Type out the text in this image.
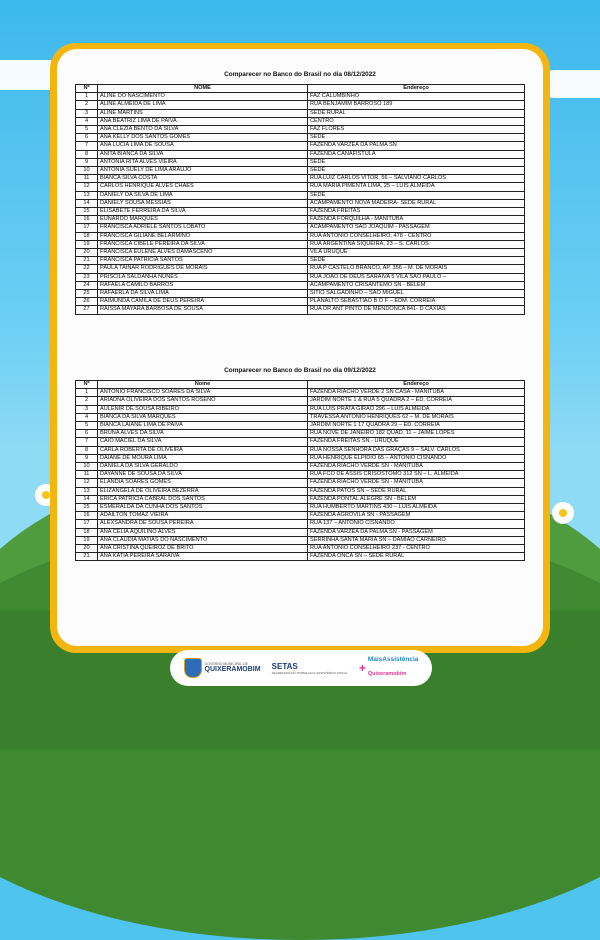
Comparecer no Banco do Brasil no dia 08/12/2022
Nº	NOME	Endereço
1	ALINE DO NASCIMENTO	FAZ CALUMBINHO
2	ALINE ALMEIDA DE LIMA	RUA BENJAMIM BARROSO 189
3	ALINE MARTINS	SEDE RURAL
4	ANA BEATRIZ LIMA DE PAIVA	CENTRO
5	ANA CLEZIA BENTO DA SILVA	FAZ FLORES
6	ANA KELLY DOS SANTOS GOMES	SEDE
7	ANA LUCIA LIMA DE SOUSA	FAZENDA VARZEA DA PALMA SN
8	ANITA BIANCA DA SILVA	FAZENDA CANAFISTULA
9	ANTONIA RITA ALVES VIEIRA	SEDE
10	ANTONIA SUELY DE LIMA ARAUJO	SEDE
11	BIANCA SILVA COSTA	RUA LUIZ CARLOS VITOR, 56 – SALVIANO CARLOS
12	CARLOS HENRIQUE ALVES CHAES	RUA MARIA PIMENTA LIMA, 25 – LUIS ALMEIDA
13	DANIELY DA SILVA DE LIMA	SEDE
14	DANIELY SOUSA MESSIAS	ACAMPAMENTO NOVA MADEIRA- SEDE RURAL
15	ELISABETE FERREIRA DA SILVA	FAZENDA FREITAS
16	EUNARDO MARQUES	FAZENDA FORQUILHA - MANITUBA
17	FRANCISCA ADRIELE SANTOS LOBATO	ACAMPAMENTO SAO JOAQUIM - PASSAGEM
18	FRANCISCA GILIANE BELARMINO	RUA ANTONIO CONSELHEIRO, 478 - CENTRO
19	FRANCISCA CIBELE PEREIRA DA SILVA	RUA ARGENTINA SIQUEIRA, 23 – S. CARLOS
20	FRANCISCA EULENE ALVES DAMASCENO	VILA URUQUE
21	FRANCISCA PATRICIA SANTOS	SEDE
22	PAULA TAINAR RODRIGUES DE MORAIS	RUA P CASTELO BRANCO, AP. 356 – M. DE MORAIS
23	PRISCILA SALDANHA NUNES	RUA JOAO DE DEUS SARAIVA 5 VILA SAO PAULO –
24	RAFAELA CAMILO BARROS	ACAMPAMENTO CRISANTEMO SN - BELEM
25	RAFAERLA DA SILVA LIMA	SITIO SALGADINHO – SAO MIGUEL
26	RAIMUNDA CAMILA DE DEUS PEREIRA	PLANALTO SEBASTIAO B O F – EDM. CORREIA
27	RAISSA MAYARA BARBOSA DE SOUSA	RUA DR ANT PINTO DE MENDONCA 841- D CAXIAS
Comparecer no Banco do Brasil no dia 09/12/2022
Nº	Nome	Endereço
1	ANTONIO FRANCISCO SOARES DA SILVA	FAZENDA RIACHO VERDE 2 SN CASA - MANITUBA
2	ARIADNA OLIVEIRA DOS SANTOS ROSENO	JARDIM NORTE 1 & RUA 5 QUADRA 2 – ED. CORREIA
3	AULENIR DE SOUSA RIBEIRO	RUA LUIS PRATA GIRAO 296 – LUIS ALMEIDA
4	BIANCA DA SILVA MARQUES	TRAVESSA ANTONIO HENRIQUES 62 – M. DE MORAIS
5	BIANCA LAIANE LIMA DE PAIVA	JARDIM NORTE 1 17 QUADRA 29 – ED. CORREIA
6	BRUNA ALVES DA SILVA	RUA NOVE DE JANEIRO 182 QUAD. 11 – JAIME LOPES
7	CAIO MACIEL DA SILVA	FAZENDA FREITAS SN - URUQUÊ
8	CARLA ROBERTA DE OLIVEIRA	RUA NOSSA SENHORA DAS GRAÇAS 9 – SALV. CARLOS
9	DAIANE DE MOURA LIMA	RUA HENRIQUE ELPIDIO 65 – ANTONIO CISNANDO
10	DANIELA DA SILVA GERALDO	FAZENDA RIACHO VERDE SN - MANITUBA
11	DAYANNE DE SOUSA DA SILVA	RUA FCO DE ASSIS CRISOSTOMO 312 SN – L. ALMEIDA
12	ELANDIA SOARES GOMES	FAZENDA RIACHO VERDE SN - MANITUBA
13	ELIZANGELA DE OLIVEIRA BEZERRA	FAZENDA PATOS SN – SEDE RURAL
14	ERICA PATRICIA CABRAL DOS SANTOS	FAZENDA PONTAL ALEGRE SN - BELEM
15	ESMERALDA DA CUNHA DOS SANTOS	RUA HUMBERTO MARTINS 430 – LUIS ALMEIDA
16	ADAILTON TOMAZ VIEIRA	FAZENDA AGROVILA SN - PASSAGEM
17	ALEXSANDRA DE SOUSA PEREIRA	RUA 137 – ANTONIO CISNANDO
18	ANA CELIA AQUILINO ALVES	FAZENDA VARZEA DA PALMA SN - PASSAGEM
19	ANA CLAUDIA MATIAS DO NASCIMENTO	SERRINHA SANTA MARIA SN – DAMIÃO CARNEIRO
20	ANA CRISTINA QUEIROZ DE BRITO	RUA ANTONIO CONSELHEIRO 237 - CENTRO
21	ANA KATIA PEREIRA SARAIVA	FAZENDA ONCA SN – SEDE RURAL
GOVERNO MUNICIPAL DE
QUIXERAMOBIM SETAS
SECRETARIA DO TRABALHO E ASSISTÊNCIA SOCIAL +
MaisAssistência
Quixeramobim
